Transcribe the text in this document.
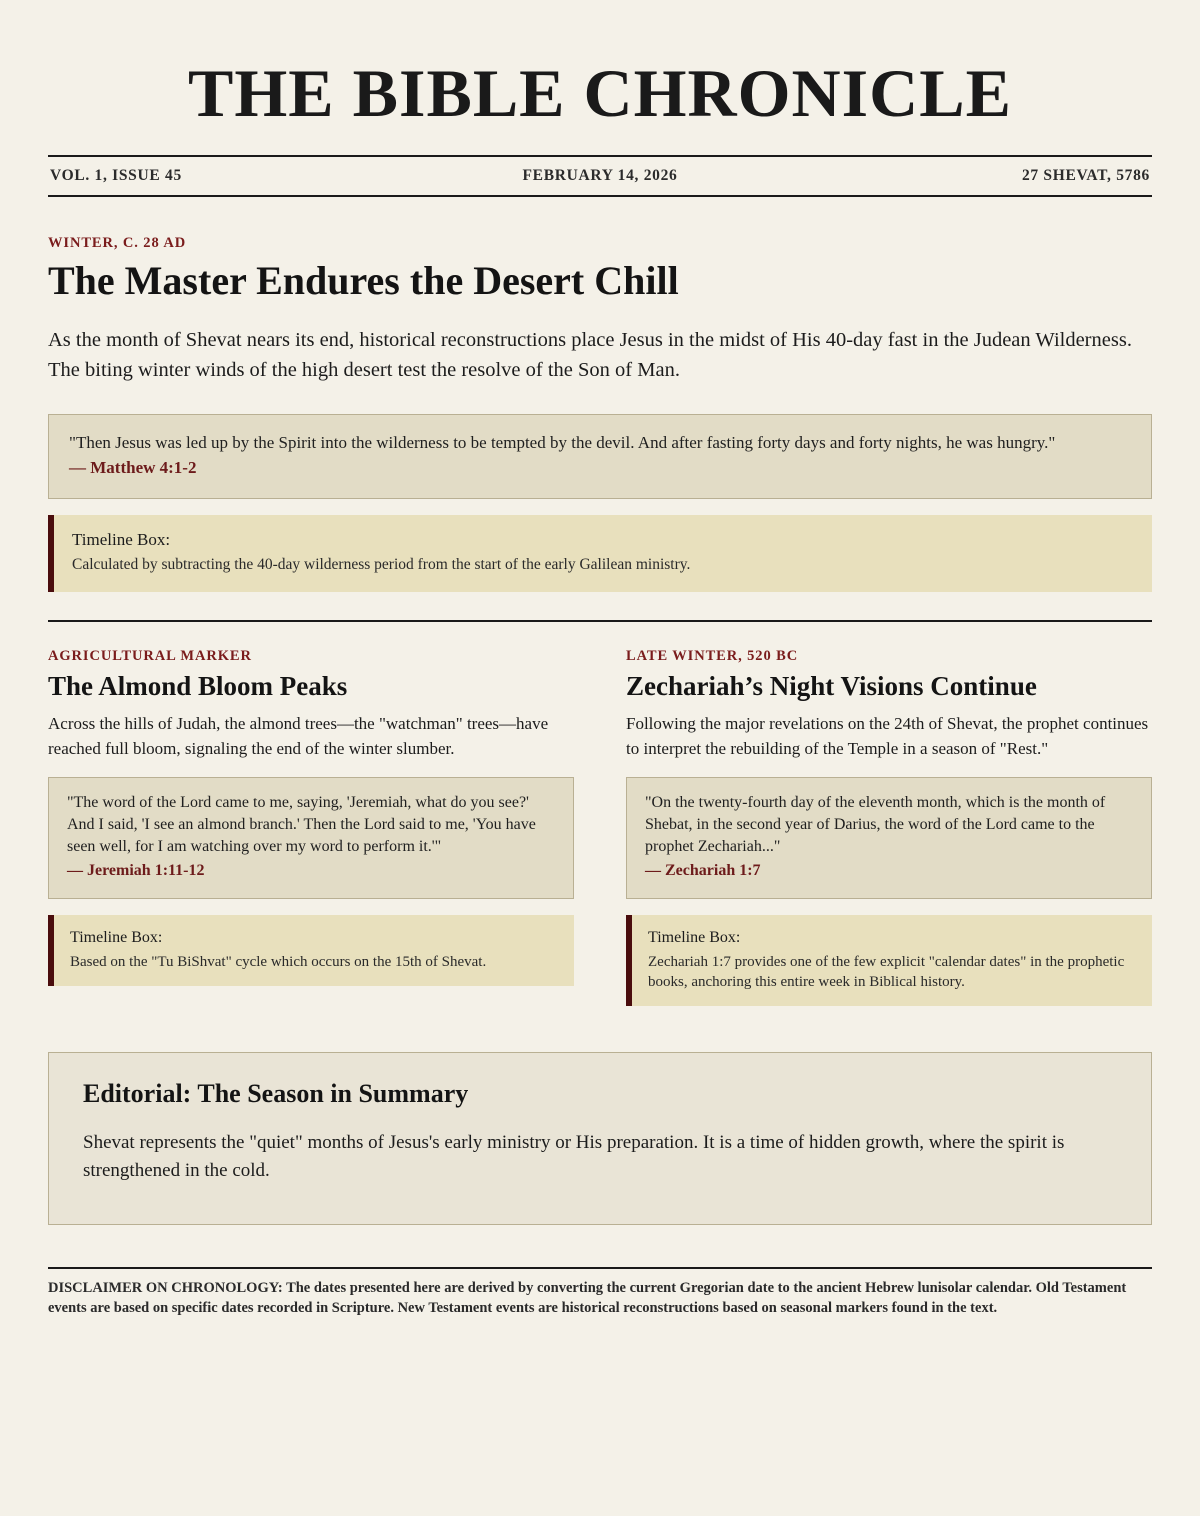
THE BIBLE CHRONICLE
VOL. 1, ISSUE 45	FEBRUARY 14, 2026	27 SHEVAT, 5786
WINTER, C. 28 AD
The Master Endures the Desert Chill

As the month of Shevat nears its end, historical reconstructions place Jesus in the midst of His 40-day fast in the Judean Wilderness. The biting winter winds of the high desert test the resolve of the Son of Man.

"Then Jesus was led up by the Spirit into the wilderness to be tempted by the devil. And after fasting forty days and forty nights, he was hungry."
— Matthew 4:1-2
Timeline Box:
Calculated by subtracting the 40-day wilderness period from the start of the early Galilean ministry.
AGRICULTURAL MARKER
The Almond Bloom Peaks

Across the hills of Judah, the almond trees—the "watchman" trees—have reached full bloom, signaling the end of the winter slumber.

"The word of the Lord came to me, saying, 'Jeremiah, what do you see?' And I said, 'I see an almond branch.' Then the Lord said to me, 'You have seen well, for I am watching over my word to perform it.'"
— Jeremiah 1:11-12
Timeline Box:
Based on the "Tu BiShvat" cycle which occurs on the 15th of Shevat.
LATE WINTER, 520 BC
Zechariah’s Night Visions Continue

Following the major revelations on the 24th of Shevat, the prophet continues to interpret the rebuilding of the Temple in a season of "Rest."

"On the twenty-fourth day of the eleventh month, which is the month of Shebat, in the second year of Darius, the word of the Lord came to the prophet Zechariah..."
— Zechariah 1:7
Timeline Box:
Zechariah 1:7 provides one of the few explicit "calendar dates" in the prophetic books, anchoring this entire week in Biblical history.
Editorial: The Season in Summary

Shevat represents the "quiet" months of Jesus's early ministry or His preparation. It is a time of hidden growth, where the spirit is strengthened in the cold.

DISCLAIMER ON CHRONOLOGY: The dates presented here are derived by converting the current Gregorian date to the ancient Hebrew lunisolar calendar. Old Testament events are based on specific dates recorded in Scripture. New Testament events are historical reconstructions based on seasonal markers found in the text.
